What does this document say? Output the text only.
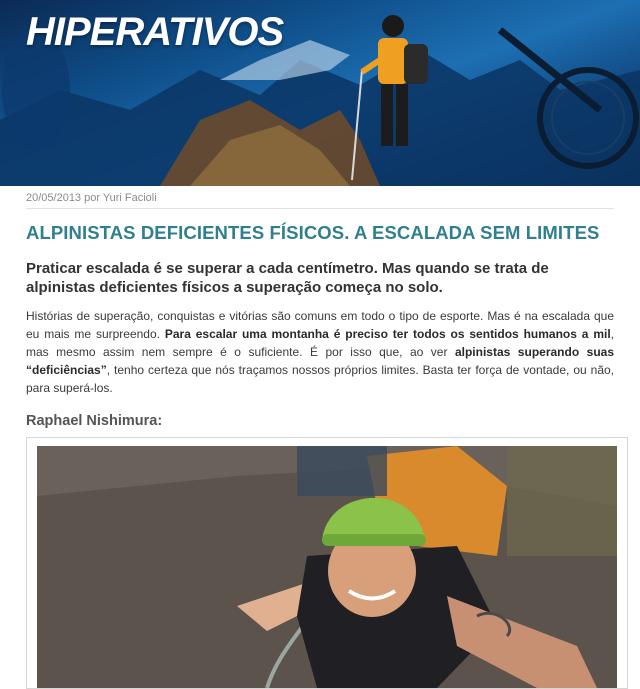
HIPERATIVOS
20/05/2013 por Yuri Facioli
ALPINISTAS DEFICIENTES FÍSICOS. A ESCALADA SEM LIMITES
Praticar escalada é se superar a cada centímetro. Mas quando se trata de alpinistas deficientes físicos a superação começa no solo.

Histórias de superação, conquistas e vitórias são comuns em todo o tipo de esporte. Mas é na escalada que eu mais me surpreendo. Para escalar uma montanha é preciso ter todos os sentidos humanos a mil, mas mesmo assim nem sempre é o suficiente. É por isso que, ao ver alpinistas superando suas “deficiências”, tenho certeza que nós traçamos nossos próprios limites. Basta ter força de vontade, ou não, para superá-los.

Raphael Nishimura:
